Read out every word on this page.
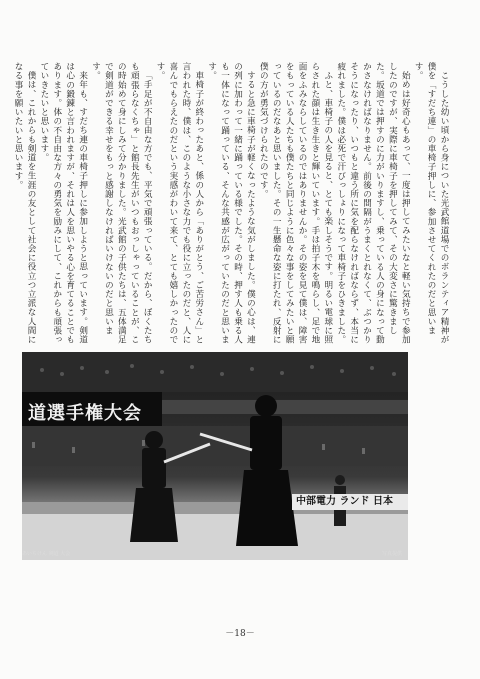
こうした幼い頃から身についた光武館道場でのボランティア精神が僕を「すだち連」の車椅子押しに、参加させてくれたのだと思います。

始めは好奇心もあって、一度は押してみたいなと軽い気持ちで参加したのですが、実際に車椅子を押してみて、その大変さに驚きました。坂道では押すのに力がいりますし、乗っている人の身になって動かさなければなりません。前後の間隔がうまくとれなくて、ぶつかりそうになったり、いつもと違う所に気を配らなければならず、本当に疲れました。僕は必死で汗びっしょりになって車椅子をひきました。

ふと、車椅子の人を見ると、とても楽しそうです。明るい電球に照らされた顔は生き生きと輝いています。手は拍子木を鳴らし、足で地面をふみならしているのではありませんか。その姿を見て僕は、障害をもっている人たちも僕たちと同じように色々な事をしてみたいと願っているのだなあと思いました。その一生懸命な姿に打たれ、反射に僕の方が勇気づけられたのです。

すると急に車椅子が軽くなったような気がしました。僕の心は、連の列に加わって一緒に踊っている様でした。その時、押す人も乗る人も一体になって踊っている、そんな共感が広がっていたのだと思います。

車椅子が終わったあと、係の人から「ありがとう、ご苦労さん」と言われた時、僕は、このような小さな力でも役に立ったのだと、人に喜んでもらえたのだという実感がわいて来て、とても嬉しかったのです。

「手足が不自由な方でも、平気で頑張っている。だから、ぼくたちも頑張らなくちゃ」と館長先生がいつもおっしゃっていることが、この時始めて身にしみて分かりました。光武館の子供たちは、五体満足で剣道ができる幸せをもっと感謝しなければいけないのだと思います。

来年も、すだち連の車椅子押しに参加しようと思っています。剣道は心の鍛錬と言われますが、それは人を思いやる心を育てることでもあります。体の不自由な方々の勇気を励みにして、これからも頑張っていきたいと思います。

僕は、これからも剣道を生涯の友として社会に役立つ立派な人間になる事を願いたいと思います。

道選手権大会
中部電力 ランド 日本
あいちけん 剣道 大会	写真提供
－18－
